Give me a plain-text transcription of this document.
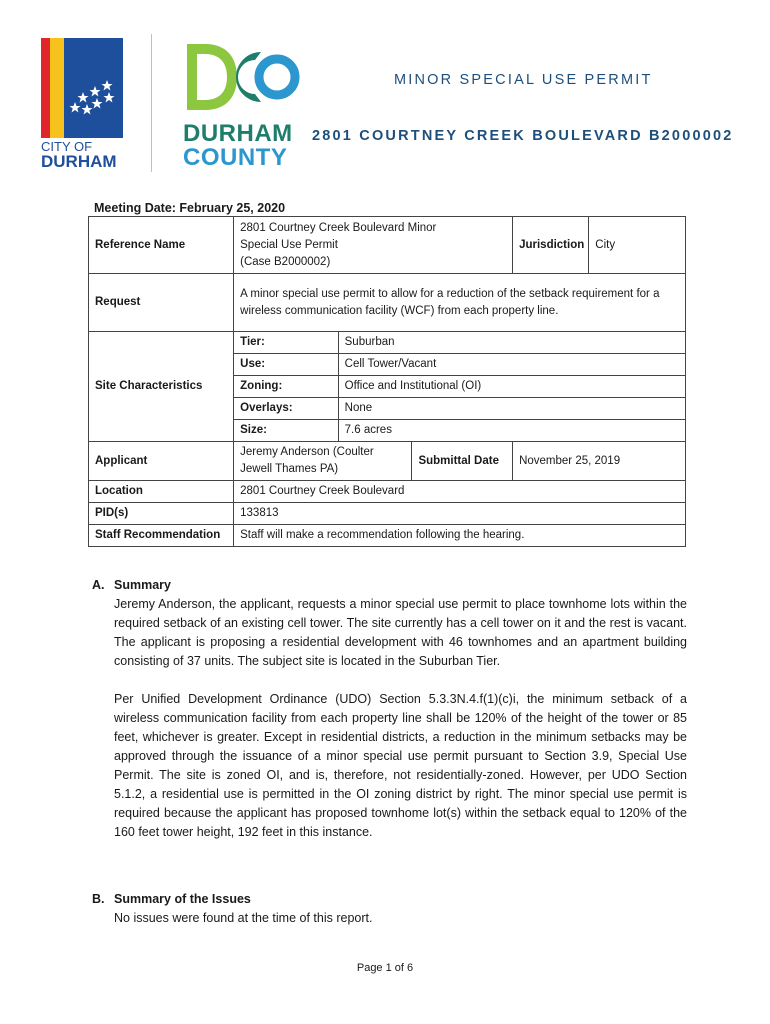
CITY OF
DURHAM
DURHAM
COUNTY
MINOR SPECIAL USE PERMIT
2801 COURTNEY CREEK BOULEVARD B2000002
Meeting Date: February 25, 2020
Reference Name	2801 Courtney Creek Boulevard Minor
Special Use Permit
(Case B2000002)			Jurisdiction	City
Request	A minor special use permit to allow for a reduction of the setback requirement for a wireless communication facility (WCF) from each property line.				
Site Characteristics	Tier:	Suburban			
	Use:	Cell Tower/Vacant			
	Zoning:	Office and Institutional (OI)			
	Overlays:	None			
	Size:	7.6 acres			
Applicant	Jeremy Anderson (Coulter Jewell Thames PA)		Submittal Date	November 25, 2019	
Location	2801 Courtney Creek Boulevard				
PID(s)	133813				
Staff Recommendation	Staff will make a recommendation following the hearing.				
A. Summary
Jeremy Anderson, the applicant, requests a minor special use permit to place townhome lots within the required setback of an existing cell tower. The site currently has a cell tower on it and the rest is vacant. The applicant is proposing a residential development with 46 townhomes and an apartment building consisting of 37 units. The subject site is located in the Suburban Tier.
Per Unified Development Ordinance (UDO) Section 5.3.3N.4.f(1)(c)i, the minimum setback of a wireless communication facility from each property line shall be 120% of the height of the tower or 85 feet, whichever is greater. Except in residential districts, a reduction in the minimum setbacks may be approved through the issuance of a minor special use permit pursuant to Section 3.9, Special Use Permit. The site is zoned OI, and is, therefore, not residentially-zoned. However, per UDO Section 5.1.2, a residential use is permitted in the OI zoning district by right. The minor special use permit is required because the applicant has proposed townhome lot(s) within the setback equal to 120% of the 160 feet tower height, 192 feet in this instance.
B. Summary of the Issues
No issues were found at the time of this report.
Page 1 of 6
